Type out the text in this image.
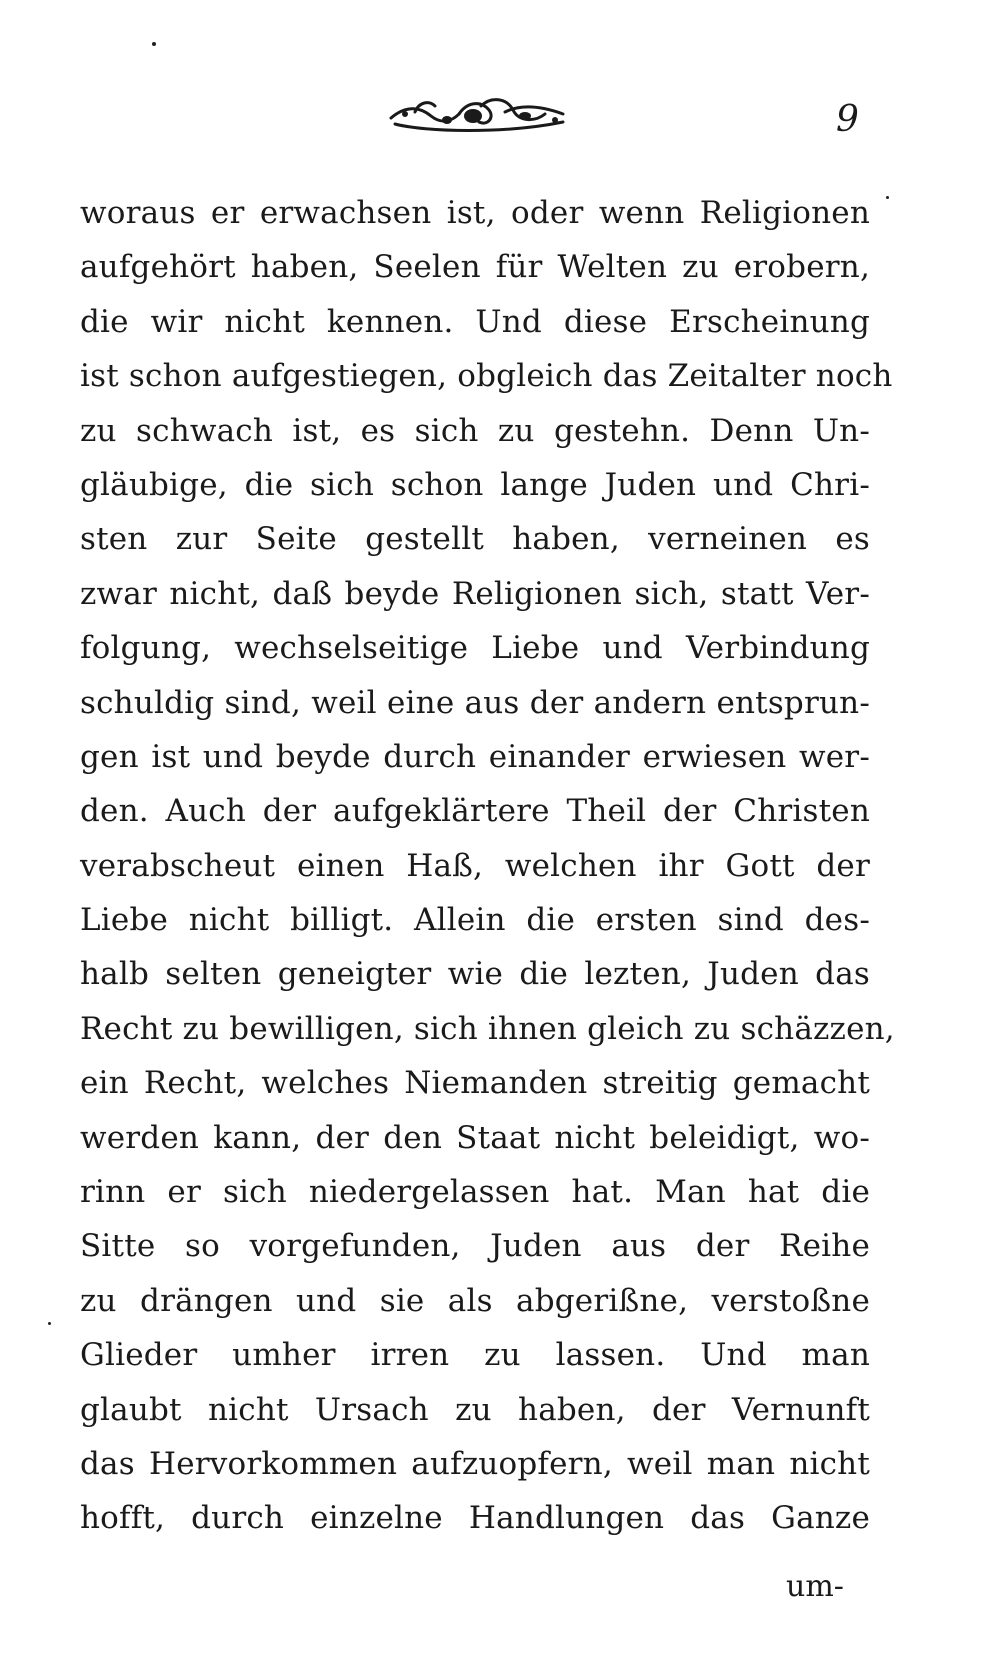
9
woraus er erwachsen ist, oder wenn Religionen
aufgehört haben, Seelen für Welten zu erobern,
die wir nicht kennen. Und diese Erscheinung
ist schon aufgestiegen, obgleich das Zeitalter noch
zu schwach ist, es sich zu gestehn. Denn Un-
gläubige, die sich schon lange Juden und Chri-
sten zur Seite gestellt haben, verneinen es
zwar nicht, daß beyde Religionen sich, statt Ver-
folgung, wechselseitige Liebe und Verbindung
schuldig sind, weil eine aus der andern entsprun-
gen ist und beyde durch einander erwiesen wer-
den. Auch der aufgeklärtere Theil der Christen
verabscheut einen Haß, welchen ihr Gott der
Liebe nicht billigt. Allein die ersten sind des-
halb selten geneigter wie die lezten, Juden das
Recht zu bewilligen, sich ihnen gleich zu schäzzen,
ein Recht, welches Niemanden streitig gemacht
werden kann, der den Staat nicht beleidigt, wo-
rinn er sich niedergelassen hat. Man hat die
Sitte so vorgefunden, Juden aus der Reihe
zu drängen und sie als abgerißne, verstoßne
Glieder umher irren zu lassen. Und man
glaubt nicht Ursach zu haben, der Vernunft
das Hervorkommen aufzuopfern, weil man nicht
hofft, durch einzelne Handlungen das Ganze
um-
